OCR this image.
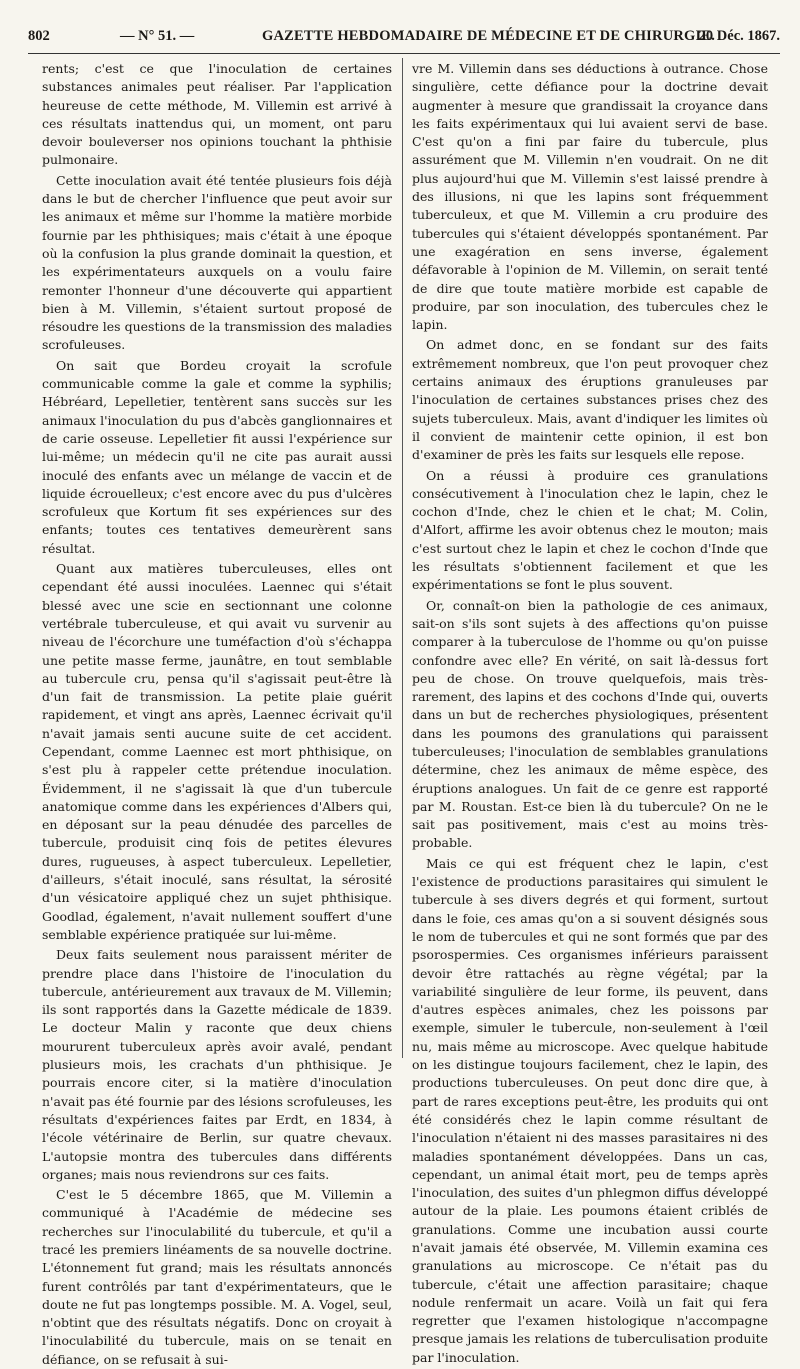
802	— N° 51. —	GAZETTE HEBDOMADAIRE DE MÉDECINE ET DE CHIRURGIE.
20 Déc. 1867.

rents; c'est ce que l'inoculation de certaines substances animales peut réaliser. Par l'application heureuse de cette méthode, M. Villemin est arrivé à ces résultats inattendus qui, un moment, ont paru devoir bouleverser nos opinions touchant la phthisie pulmonaire.

Cette inoculation avait été tentée plusieurs fois déjà dans le but de chercher l'influence que peut avoir sur les animaux et même sur l'homme la matière morbide fournie par les phthisiques; mais c'était à une époque où la confusion la plus grande dominait la question, et les expérimentateurs auxquels on a voulu faire remonter l'honneur d'une découverte qui appartient bien à M. Villemin, s'étaient surtout proposé de résoudre les questions de la transmission des maladies scrofuleuses.

On sait que Bordeu croyait la scrofule communicable comme la gale et comme la syphilis; Hébréard, Lepelletier, tentèrent sans succès sur les animaux l'inoculation du pus d'abcès ganglionnaires et de carie osseuse. Lepelletier fit aussi l'expérience sur lui-même; un médecin qu'il ne cite pas aurait aussi inoculé des enfants avec un mélange de vaccin et de liquide écrouelleux; c'est encore avec du pus d'ulcères scrofuleux que Kortum fit ses expériences sur des enfants; toutes ces tentatives demeurèrent sans résultat.

Quant aux matières tuberculeuses, elles ont cependant été aussi inoculées. Laennec qui s'était blessé avec une scie en sectionnant une colonne vertébrale tuberculeuse, et qui avait vu survenir au niveau de l'écorchure une tuméfaction d'où s'échappa une petite masse ferme, jaunâtre, en tout semblable au tubercule cru, pensa qu'il s'agissait peut-être là d'un fait de transmission. La petite plaie guérit rapidement, et vingt ans après, Laennec écrivait qu'il n'avait jamais senti aucune suite de cet accident. Cependant, comme Laennec est mort phthisique, on s'est plu à rappeler cette prétendue inoculation. Évidemment, il ne s'agissait là que d'un tubercule anatomique comme dans les expériences d'Albers qui, en déposant sur la peau dénudée des parcelles de tubercule, produisit cinq fois de petites élevures dures, rugueuses, à aspect tuberculeux. Lepelletier, d'ailleurs, s'était inoculé, sans résultat, la sérosité d'un vésicatoire appliqué chez un sujet phthisique. Goodlad, également, n'avait nullement souffert d'une semblable expérience pratiquée sur lui-même.

Deux faits seulement nous paraissent mériter de prendre place dans l'histoire de l'inoculation du tubercule, antérieurement aux travaux de M. Villemin; ils sont rapportés dans la Gazette médicale de 1839. Le docteur Malin y raconte que deux chiens moururent tuberculeux après avoir avalé, pendant plusieurs mois, les crachats d'un phthisique. Je pourrais encore citer, si la matière d'inoculation n'avait pas été fournie par des lésions scrofuleuses, les résultats d'expériences faites par Erdt, en 1834, à l'école vétérinaire de Berlin, sur quatre chevaux. L'autopsie montra des tubercules dans différents organes; mais nous reviendrons sur ces faits.

C'est le 5 décembre 1865, que M. Villemin a communiqué à l'Académie de médecine ses recherches sur l'inoculabilité du tubercule, et qu'il a tracé les premiers linéaments de sa nouvelle doctrine. L'étonnement fut grand; mais les résultats annoncés furent contrôlés par tant d'expérimentateurs, que le doute ne fut pas longtemps possible. M. A. Vogel, seul, n'obtint que des résultats négatifs. Donc on croyait à l'inoculabilité du tubercule, mais on se tenait en défiance, on se refusait à sui-

vre M. Villemin dans ses déductions à outrance. Chose singulière, cette défiance pour la doctrine devait augmenter à mesure que grandissait la croyance dans les faits expérimentaux qui lui avaient servi de base. C'est qu'on a fini par faire du tubercule, plus assurément que M. Villemin n'en voudrait. On ne dit plus aujourd'hui que M. Villemin s'est laissé prendre à des illusions, ni que les lapins sont fréquemment tuberculeux, et que M. Villemin a cru produire des tubercules qui s'étaient développés spontanément. Par une exagération en sens inverse, également défavorable à l'opinion de M. Villemin, on serait tenté de dire que toute matière morbide est capable de produire, par son inoculation, des tubercules chez le lapin.

On admet donc, en se fondant sur des faits extrêmement nombreux, que l'on peut provoquer chez certains animaux des éruptions granuleuses par l'inoculation de certaines substances prises chez des sujets tuberculeux. Mais, avant d'indiquer les limites où il convient de maintenir cette opinion, il est bon d'examiner de près les faits sur lesquels elle repose.

On a réussi à produire ces granulations consécutivement à l'inoculation chez le lapin, chez le cochon d'Inde, chez le chien et le chat; M. Colin, d'Alfort, affirme les avoir obtenus chez le mouton; mais c'est surtout chez le lapin et chez le cochon d'Inde que les résultats s'obtiennent facilement et que les expérimentations se font le plus souvent.

Or, connaît-on bien la pathologie de ces animaux, sait-on s'ils sont sujets à des affections qu'on puisse comparer à la tuberculose de l'homme ou qu'on puisse confondre avec elle? En vérité, on sait là-dessus fort peu de chose. On trouve quelquefois, mais très-rarement, des lapins et des cochons d'Inde qui, ouverts dans un but de recherches physiologiques, présentent dans les poumons des granulations qui paraissent tuberculeuses; l'inoculation de semblables granulations détermine, chez les animaux de même espèce, des éruptions analogues. Un fait de ce genre est rapporté par M. Roustan. Est-ce bien là du tubercule? On ne le sait pas positivement, mais c'est au moins très-probable.

Mais ce qui est fréquent chez le lapin, c'est l'existence de productions parasitaires qui simulent le tubercule à ses divers degrés et qui forment, surtout dans le foie, ces amas qu'on a si souvent désignés sous le nom de tubercules et qui ne sont formés que par des psorospermies. Ces organismes inférieurs paraissent devoir être rattachés au règne végétal; par la variabilité singulière de leur forme, ils peuvent, dans d'autres espèces animales, chez les poissons par exemple, simuler le tubercule, non-seulement à l'œil nu, mais même au microscope. Avec quelque habitude on les distingue toujours facilement, chez le lapin, des productions tuberculeuses. On peut donc dire que, à part de rares exceptions peut-être, les produits qui ont été considérés chez le lapin comme résultant de l'inoculation n'étaient ni des masses parasitaires ni des maladies spontanément développées. Dans un cas, cependant, un animal était mort, peu de temps après l'inoculation, des suites d'un phlegmon diffus développé autour de la plaie. Les poumons étaient criblés de granulations. Comme une incubation aussi courte n'avait jamais été observée, M. Villemin examina ces granulations au microscope. Ce n'était pas du tubercule, c'était une affection parasitaire; chaque nodule renfermait un acare. Voilà un fait qui fera regretter que l'examen histologique n'accompagne presque jamais les relations de tuberculisation produite par l'inoculation.
